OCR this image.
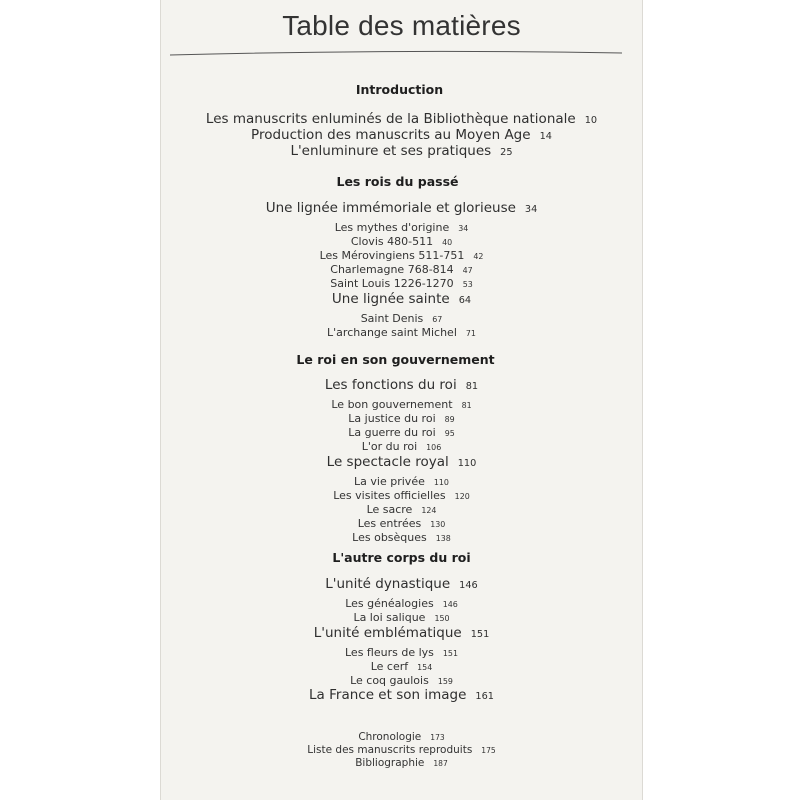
Table des matières
Introduction
Les manuscrits enluminés de la Bibliothèque nationale 10
Production des manuscrits au Moyen Age 14
L'enluminure et ses pratiques 25
Les rois du passé
Une lignée immémoriale et glorieuse 34
Les mythes d'origine 34
Clovis 480-511 40
Les Mérovingiens 511-751 42
Charlemagne 768-814 47
Saint Louis 1226-1270 53
Une lignée sainte 64
Saint Denis 67
L'archange saint Michel 71
Le roi en son gouvernement
Les fonctions du roi 81
Le bon gouvernement 81
La justice du roi 89
La guerre du roi 95
L'or du roi 106
Le spectacle royal 110
La vie privée 110
Les visites officielles 120
Le sacre 124
Les entrées 130
Les obsèques 138
L'autre corps du roi
L'unité dynastique 146
Les généalogies 146
La loi salique 150
L'unité emblématique 151
Les fleurs de lys 151
Le cerf 154
Le coq gaulois 159
La France et son image 161
Chronologie 173
Liste des manuscrits reproduits 175
Bibliographie 187
